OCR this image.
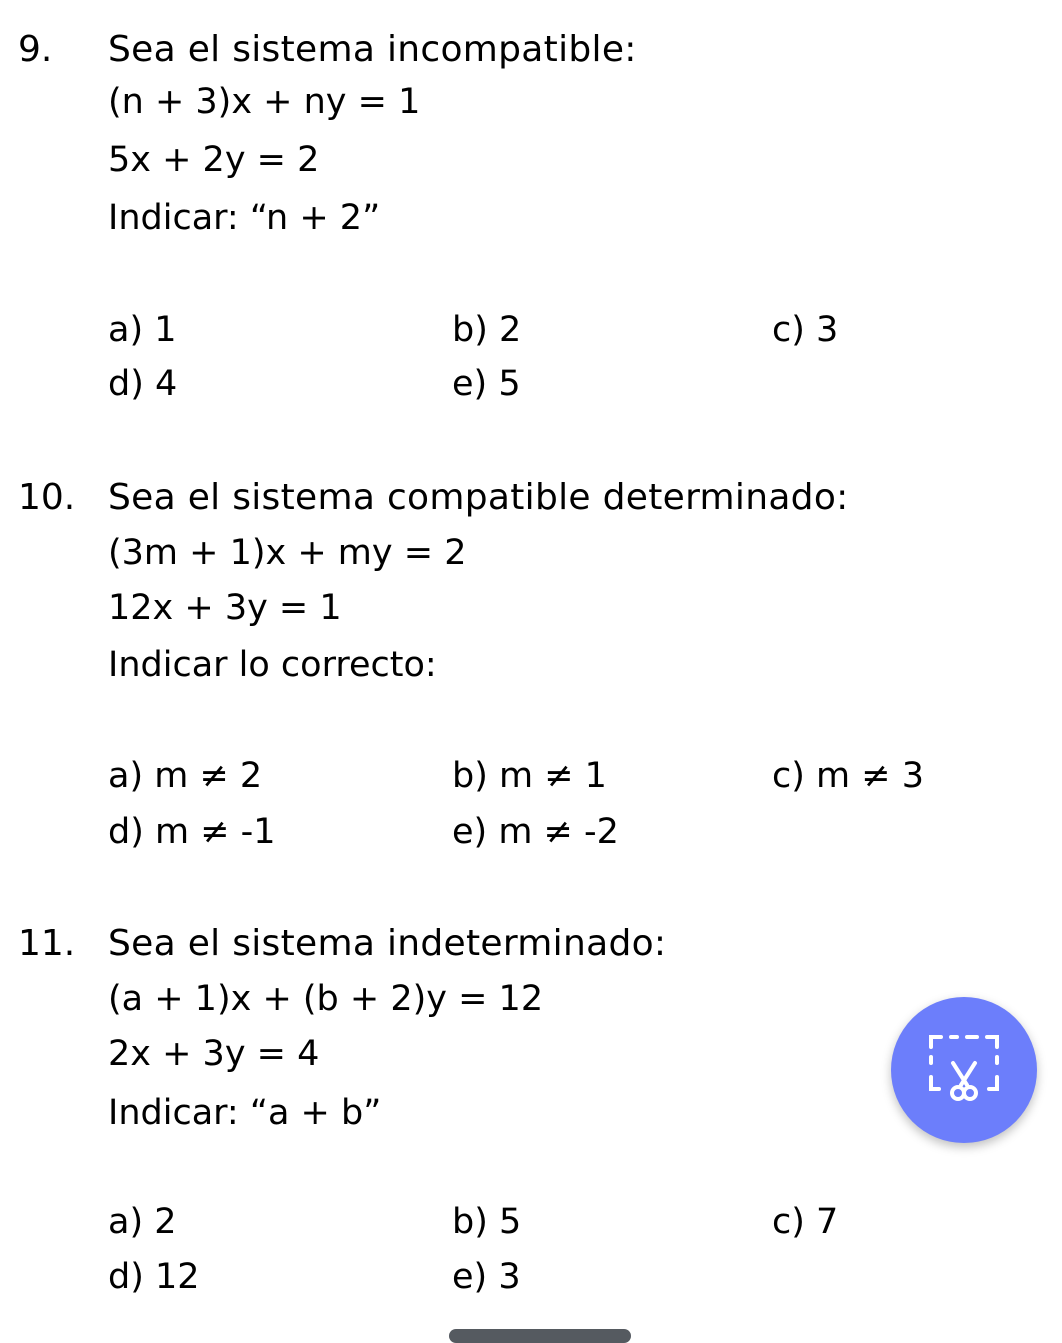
9. Sea el sistema incompatible:
(n + 3)x + ny = 1
5x + 2y = 2
Indicar: “n + 2”
a) 1	b) 2	c) 3
d) 4	e) 5
10. Sea el sistema compatible determinado:
(3m + 1)x + my = 2
12x + 3y = 1
Indicar lo correcto:
a) m ≠ 2	b) m ≠ 1	c) m ≠ 3
d) m ≠ -1	e) m ≠ -2
11. Sea el sistema indeterminado:
(a + 1)x + (b + 2)y = 12
2x + 3y = 4
Indicar: “a + b”
a) 2	b) 5	c) 7
d) 12	e) 3
